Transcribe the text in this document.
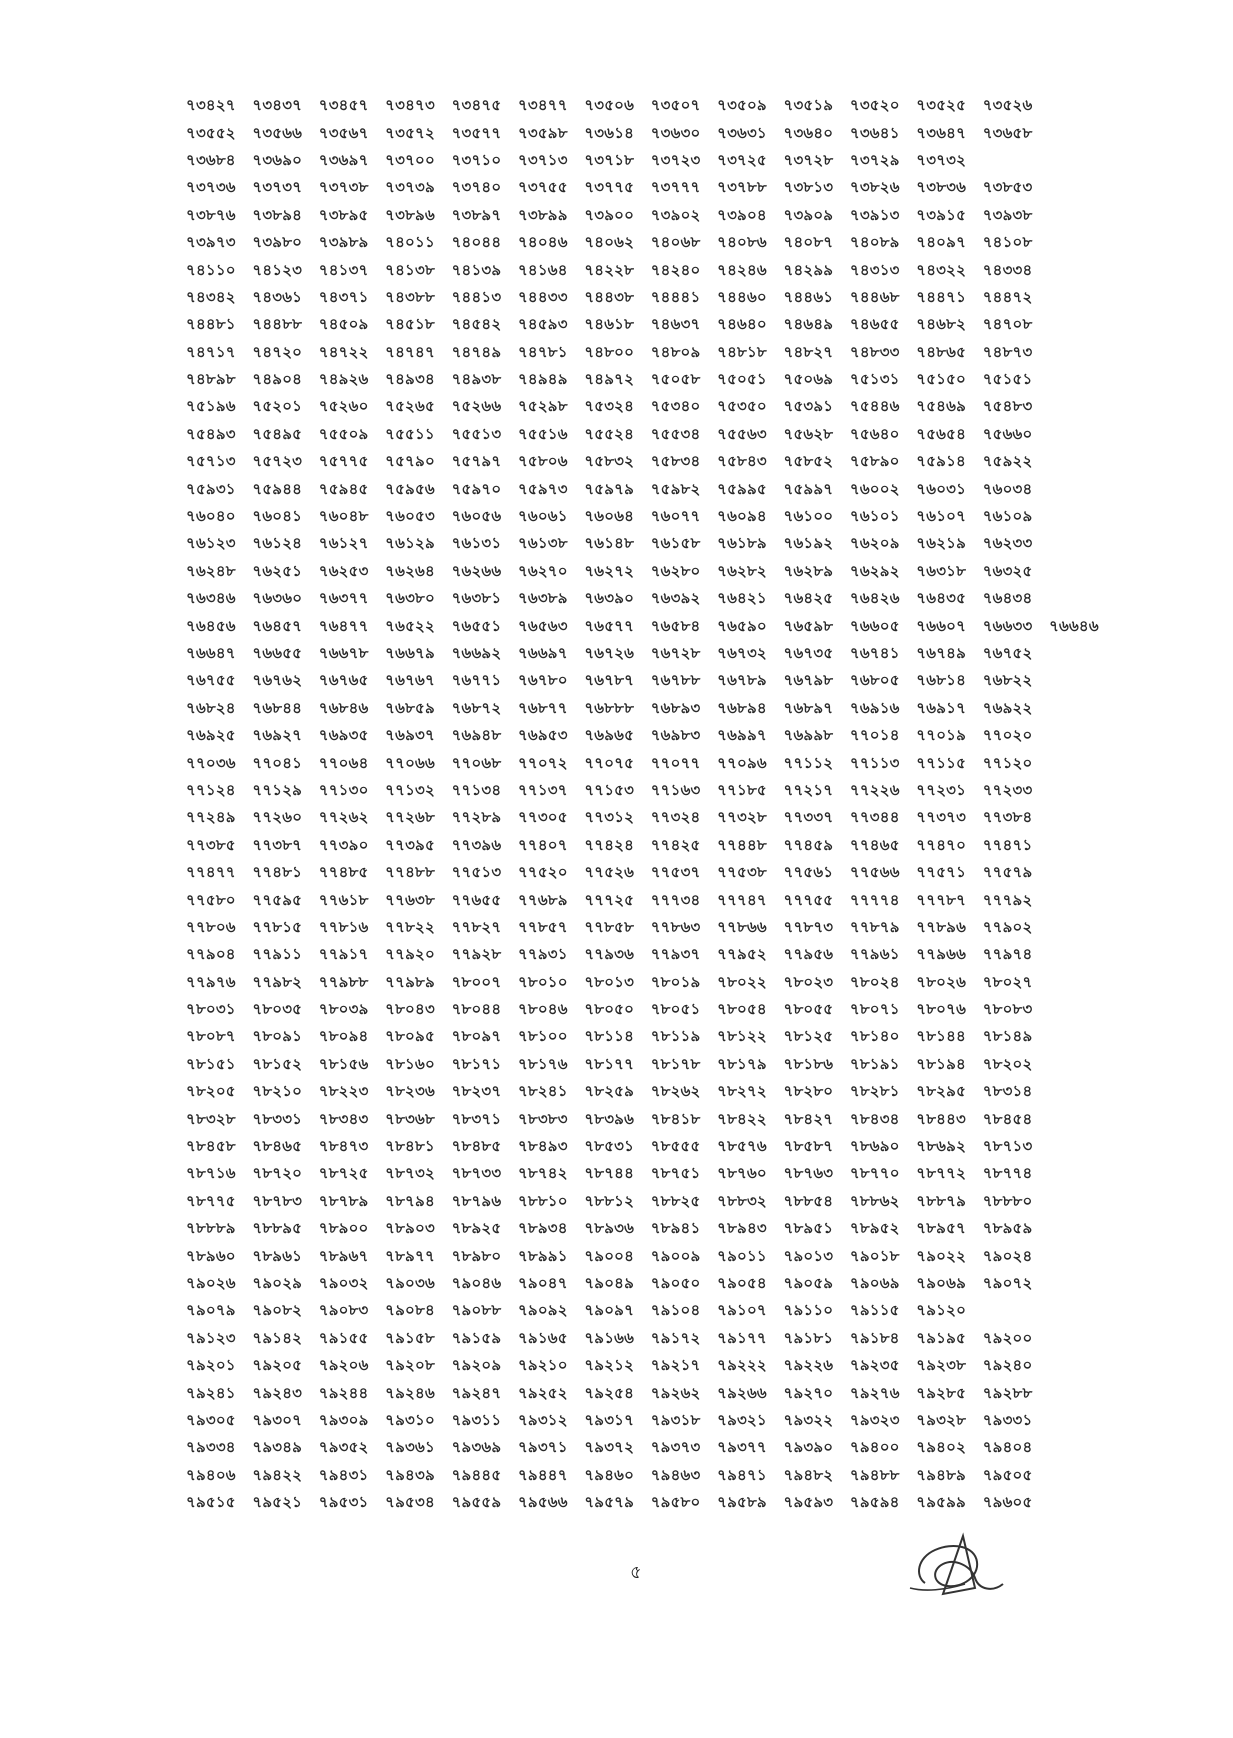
৭৩৪২৭	৭৩৪৩৭	৭৩৪৫৭	৭৩৪৭৩	৭৩৪৭৫	৭৩৪৭৭	৭৩৫০৬	৭৩৫০৭	৭৩৫০৯	৭৩৫১৯	৭৩৫২০	৭৩৫২৫	৭৩৫২৬
৭৩৫৫২	৭৩৫৬৬	৭৩৫৬৭	৭৩৫৭২	৭৩৫৭৭	৭৩৫৯৮	৭৩৬১৪	৭৩৬৩০	৭৩৬৩১	৭৩৬৪০	৭৩৬৪১	৭৩৬৪৭	৭৩৬৫৮
৭৩৬৮৪	৭৩৬৯০	৭৩৬৯৭	৭৩৭০০	৭৩৭১০	৭৩৭১৩	৭৩৭১৮	৭৩৭২৩	৭৩৭২৫	৭৩৭২৮	৭৩৭২৯	৭৩৭৩২
৭৩৭৩৬	৭৩৭৩৭	৭৩৭৩৮	৭৩৭৩৯	৭৩৭৪০	৭৩৭৫৫	৭৩৭৭৫	৭৩৭৭৭	৭৩৭৮৮	৭৩৮১৩	৭৩৮২৬	৭৩৮৩৬	৭৩৮৫৩
৭৩৮৭৬	৭৩৮৯৪	৭৩৮৯৫	৭৩৮৯৬	৭৩৮৯৭	৭৩৮৯৯	৭৩৯০০	৭৩৯০২	৭৩৯০৪	৭৩৯০৯	৭৩৯১৩	৭৩৯১৫	৭৩৯৩৮
৭৩৯৭৩	৭৩৯৮০	৭৩৯৮৯	৭৪০১১	৭৪০৪৪	৭৪০৪৬	৭৪০৬২	৭৪০৬৮	৭৪০৮৬	৭৪০৮৭	৭৪০৮৯	৭৪০৯৭	৭৪১০৮
৭৪১১০	৭৪১২৩	৭৪১৩৭	৭৪১৩৮	৭৪১৩৯	৭৪১৬৪	৭৪২২৮	৭৪২৪০	৭৪২৪৬	৭৪২৯৯	৭৪৩১৩	৭৪৩২২	৭৪৩৩৪
৭৪৩৪২	৭৪৩৬১	৭৪৩৭১	৭৪৩৮৮	৭৪৪১৩	৭৪৪৩৩	৭৪৪৩৮	৭৪৪৪১	৭৪৪৬০	৭৪৪৬১	৭৪৪৬৮	৭৪৪৭১	৭৪৪৭২
৭৪৪৮১	৭৪৪৮৮	৭৪৫০৯	৭৪৫১৮	৭৪৫৪২	৭৪৫৯৩	৭৪৬১৮	৭৪৬৩৭	৭৪৬৪০	৭৪৬৪৯	৭৪৬৫৫	৭৪৬৮২	৭৪৭০৮
৭৪৭১৭	৭৪৭২০	৭৪৭২২	৭৪৭৪৭	৭৪৭৪৯	৭৪৭৮১	৭৪৮০০	৭৪৮০৯	৭৪৮১৮	৭৪৮২৭	৭৪৮৩৩	৭৪৮৬৫	৭৪৮৭৩
৭৪৮৯৮	৭৪৯০৪	৭৪৯২৬	৭৪৯৩৪	৭৪৯৩৮	৭৪৯৪৯	৭৪৯৭২	৭৫০৫৮	৭৫০৫১	৭৫০৬৯	৭৫১৩১	৭৫১৫০	৭৫১৫১
৭৫১৯৬	৭৫২০১	৭৫২৬০	৭৫২৬৫	৭৫২৬৬	৭৫২৯৮	৭৫৩২৪	৭৫৩৪০	৭৫৩৫০	৭৫৩৯১	৭৫৪৪৬	৭৫৪৬৯	৭৫৪৮৩
৭৫৪৯৩	৭৫৪৯৫	৭৫৫০৯	৭৫৫১১	৭৫৫১৩	৭৫৫১৬	৭৫৫২৪	৭৫৫৩৪	৭৫৫৬৩	৭৫৬২৮	৭৫৬৪০	৭৫৬৫৪	৭৫৬৬০
৭৫৭১৩	৭৫৭২৩	৭৫৭৭৫	৭৫৭৯০	৭৫৭৯৭	৭৫৮০৬	৭৫৮৩২	৭৫৮৩৪	৭৫৮৪৩	৭৫৮৫২	৭৫৮৯০	৭৫৯১৪	৭৫৯২২
৭৫৯৩১	৭৫৯৪৪	৭৫৯৪৫	৭৫৯৫৬	৭৫৯৭০	৭৫৯৭৩	৭৫৯৭৯	৭৫৯৮২	৭৫৯৯৫	৭৫৯৯৭	৭৬০০২	৭৬০৩১	৭৬০৩৪
৭৬০৪০	৭৬০৪১	৭৬০৪৮	৭৬০৫৩	৭৬০৫৬	৭৬০৬১	৭৬০৬৪	৭৬০৭৭	৭৬০৯৪	৭৬১০০	৭৬১০১	৭৬১০৭	৭৬১০৯
৭৬১২৩	৭৬১২৪	৭৬১২৭	৭৬১২৯	৭৬১৩১	৭৬১৩৮	৭৬১৪৮	৭৬১৫৮	৭৬১৮৯	৭৬১৯২	৭৬২০৯	৭৬২১৯	৭৬২৩৩
৭৬২৪৮	৭৬২৫১	৭৬২৫৩	৭৬২৬৪	৭৬২৬৬	৭৬২৭০	৭৬২৭২	৭৬২৮০	৭৬২৮২	৭৬২৮৯	৭৬২৯২	৭৬৩১৮	৭৬৩২৫
৭৬৩৪৬	৭৬৩৬০	৭৬৩৭৭	৭৬৩৮০	৭৬৩৮১	৭৬৩৮৯	৭৬৩৯০	৭৬৩৯২	৭৬৪২১	৭৬৪২৫	৭৬৪২৬	৭৬৪৩৫	৭৬৪৩৪
৭৬৪৫৬	৭৬৪৫৭	৭৬৪৭৭	৭৬৫২২	৭৬৫৫১	৭৬৫৬৩	৭৬৫৭৭	৭৬৫৮৪	৭৬৫৯০	৭৬৫৯৮	৭৬৬০৫	৭৬৬০৭	৭৬৬৩৩	৭৬৬৪৬
৭৬৬৪৭	৭৬৬৫৫	৭৬৬৭৮	৭৬৬৭৯	৭৬৬৯২	৭৬৬৯৭	৭৬৭২৬	৭৬৭২৮	৭৬৭৩২	৭৬৭৩৫	৭৬৭৪১	৭৬৭৪৯	৭৬৭৫২
৭৬৭৫৫	৭৬৭৬২	৭৬৭৬৫	৭৬৭৬৭	৭৬৭৭১	৭৬৭৮০	৭৬৭৮৭	৭৬৭৮৮	৭৬৭৮৯	৭৬৭৯৮	৭৬৮০৫	৭৬৮১৪	৭৬৮২২
৭৬৮২৪	৭৬৮৪৪	৭৬৮৪৬	৭৬৮৫৯	৭৬৮৭২	৭৬৮৭৭	৭৬৮৮৮	৭৬৮৯৩	৭৬৮৯৪	৭৬৮৯৭	৭৬৯১৬	৭৬৯১৭	৭৬৯২২
৭৬৯২৫	৭৬৯২৭	৭৬৯৩৫	৭৬৯৩৭	৭৬৯৪৮	৭৬৯৫৩	৭৬৯৬৫	৭৬৯৮৩	৭৬৯৯৭	৭৬৯৯৮	৭৭০১৪	৭৭০১৯	৭৭০২০
৭৭০৩৬	৭৭০৪১	৭৭০৬৪	৭৭০৬৬	৭৭০৬৮	৭৭০৭২	৭৭০৭৫	৭৭০৭৭	৭৭০৯৬	৭৭১১২	৭৭১১৩	৭৭১১৫	৭৭১২০
৭৭১২৪	৭৭১২৯	৭৭১৩০	৭৭১৩২	৭৭১৩৪	৭৭১৩৭	৭৭১৫৩	৭৭১৬৩	৭৭১৮৫	৭৭২১৭	৭৭২২৬	৭৭২৩১	৭৭২৩৩
৭৭২৪৯	৭৭২৬০	৭৭২৬২	৭৭২৬৮	৭৭২৮৯	৭৭৩০৫	৭৭৩১২	৭৭৩২৪	৭৭৩২৮	৭৭৩৩৭	৭৭৩৪৪	৭৭৩৭৩	৭৭৩৮৪
৭৭৩৮৫	৭৭৩৮৭	৭৭৩৯০	৭৭৩৯৫	৭৭৩৯৬	৭৭৪০৭	৭৭৪২৪	৭৭৪২৫	৭৭৪৪৮	৭৭৪৫৯	৭৭৪৬৫	৭৭৪৭০	৭৭৪৭১
৭৭৪৭৭	৭৭৪৮১	৭৭৪৮৫	৭৭৪৮৮	৭৭৫১৩	৭৭৫২০	৭৭৫২৬	৭৭৫৩৭	৭৭৫৩৮	৭৭৫৬১	৭৭৫৬৬	৭৭৫৭১	৭৭৫৭৯
৭৭৫৮০	৭৭৫৯৫	৭৭৬১৮	৭৭৬৩৮	৭৭৬৫৫	৭৭৬৮৯	৭৭৭২৫	৭৭৭৩৪	৭৭৭৪৭	৭৭৭৫৫	৭৭৭৭৪	৭৭৭৮৭	৭৭৭৯২
৭৭৮০৬	৭৭৮১৫	৭৭৮১৬	৭৭৮২২	৭৭৮২৭	৭৭৮৫৭	৭৭৮৫৮	৭৭৮৬৩	৭৭৮৬৬	৭৭৮৭৩	৭৭৮৭৯	৭৭৮৯৬	৭৭৯০২
৭৭৯০৪	৭৭৯১১	৭৭৯১৭	৭৭৯২০	৭৭৯২৮	৭৭৯৩১	৭৭৯৩৬	৭৭৯৩৭	৭৭৯৫২	৭৭৯৫৬	৭৭৯৬১	৭৭৯৬৬	৭৭৯৭৪
৭৭৯৭৬	৭৭৯৮২	৭৭৯৮৮	৭৭৯৮৯	৭৮০০৭	৭৮০১০	৭৮০১৩	৭৮০১৯	৭৮০২২	৭৮০২৩	৭৮০২৪	৭৮০২৬	৭৮০২৭
৭৮০৩১	৭৮০৩৫	৭৮০৩৯	৭৮০৪৩	৭৮০৪৪	৭৮০৪৬	৭৮০৫০	৭৮০৫১	৭৮০৫৪	৭৮০৫৫	৭৮০৭১	৭৮০৭৬	৭৮০৮৩
৭৮০৮৭	৭৮০৯১	৭৮০৯৪	৭৮০৯৫	৭৮০৯৭	৭৮১০০	৭৮১১৪	৭৮১১৯	৭৮১২২	৭৮১২৫	৭৮১৪০	৭৮১৪৪	৭৮১৪৯
৭৮১৫১	৭৮১৫২	৭৮১৫৬	৭৮১৬০	৭৮১৭১	৭৮১৭৬	৭৮১৭৭	৭৮১৭৮	৭৮১৭৯	৭৮১৮৬	৭৮১৯১	৭৮১৯৪	৭৮২০২
৭৮২০৫	৭৮২১০	৭৮২২৩	৭৮২৩৬	৭৮২৩৭	৭৮২৪১	৭৮২৫৯	৭৮২৬২	৭৮২৭২	৭৮২৮০	৭৮২৮১	৭৮২৯৫	৭৮৩১৪
৭৮৩২৮	৭৮৩৩১	৭৮৩৪৩	৭৮৩৬৮	৭৮৩৭১	৭৮৩৮৩	৭৮৩৯৬	৭৮৪১৮	৭৮৪২২	৭৮৪২৭	৭৮৪৩৪	৭৮৪৪৩	৭৮৪৫৪
৭৮৪৫৮	৭৮৪৬৫	৭৮৪৭৩	৭৮৪৮১	৭৮৪৮৫	৭৮৪৯৩	৭৮৫৩১	৭৮৫৫৫	৭৮৫৭৬	৭৮৫৮৭	৭৮৬৯০	৭৮৬৯২	৭৮৭১৩
৭৮৭১৬	৭৮৭২০	৭৮৭২৫	৭৮৭৩২	৭৮৭৩৩	৭৮৭৪২	৭৮৭৪৪	৭৮৭৫১	৭৮৭৬০	৭৮৭৬৩	৭৮৭৭০	৭৮৭৭২	৭৮৭৭৪
৭৮৭৭৫	৭৮৭৮৩	৭৮৭৮৯	৭৮৭৯৪	৭৮৭৯৬	৭৮৮১০	৭৮৮১২	৭৮৮২৫	৭৮৮৩২	৭৮৮৫৪	৭৮৮৬২	৭৮৮৭৯	৭৮৮৮০
৭৮৮৮৯	৭৮৮৯৫	৭৮৯০০	৭৮৯০৩	৭৮৯২৫	৭৮৯৩৪	৭৮৯৩৬	৭৮৯৪১	৭৮৯৪৩	৭৮৯৫১	৭৮৯৫২	৭৮৯৫৭	৭৮৯৫৯
৭৮৯৬০	৭৮৯৬১	৭৮৯৬৭	৭৮৯৭৭	৭৮৯৮০	৭৮৯৯১	৭৯০০৪	৭৯০০৯	৭৯০১১	৭৯০১৩	৭৯০১৮	৭৯০২২	৭৯০২৪
৭৯০২৬	৭৯০২৯	৭৯০৩২	৭৯০৩৬	৭৯০৪৬	৭৯০৪৭	৭৯০৪৯	৭৯০৫০	৭৯০৫৪	৭৯০৫৯	৭৯০৬৯	৭৯০৬৯	৭৯০৭২
৭৯০৭৯	৭৯০৮২	৭৯০৮৩	৭৯০৮৪	৭৯০৮৮	৭৯০৯২	৭৯০৯৭	৭৯১০৪	৭৯১০৭	৭৯১১০	৭৯১১৫	৭৯১২০
৭৯১২৩	৭৯১৪২	৭৯১৫৫	৭৯১৫৮	৭৯১৫৯	৭৯১৬৫	৭৯১৬৬	৭৯১৭২	৭৯১৭৭	৭৯১৮১	৭৯১৮৪	৭৯১৯৫	৭৯২০০
৭৯২০১	৭৯২০৫	৭৯২০৬	৭৯২০৮	৭৯২০৯	৭৯২১০	৭৯২১২	৭৯২১৭	৭৯২২২	৭৯২২৬	৭৯২৩৫	৭৯২৩৮	৭৯২৪০
৭৯২৪১	৭৯২৪৩	৭৯২৪৪	৭৯২৪৬	৭৯২৪৭	৭৯২৫২	৭৯২৫৪	৭৯২৬২	৭৯২৬৬	৭৯২৭০	৭৯২৭৬	৭৯২৮৫	৭৯২৮৮
৭৯৩০৫	৭৯৩০৭	৭৯৩০৯	৭৯৩১০	৭৯৩১১	৭৯৩১২	৭৯৩১৭	৭৯৩১৮	৭৯৩২১	৭৯৩২২	৭৯৩২৩	৭৯৩২৮	৭৯৩৩১
৭৯৩৩৪	৭৯৩৪৯	৭৯৩৫২	৭৯৩৬১	৭৯৩৬৯	৭৯৩৭১	৭৯৩৭২	৭৯৩৭৩	৭৯৩৭৭	৭৯৩৯০	৭৯৪০০	৭৯৪০২	৭৯৪০৪
৭৯৪০৬	৭৯৪২২	৭৯৪৩১	৭৯৪৩৯	৭৯৪৪৫	৭৯৪৪৭	৭৯৪৬০	৭৯৪৬৩	৭৯৪৭১	৭৯৪৮২	৭৯৪৮৮	৭৯৪৮৯	৭৯৫০৫
৭৯৫১৫	৭৯৫২১	৭৯৫৩১	৭৯৫৩৪	৭৯৫৫৯	৭৯৫৬৬	৭৯৫৭৯	৭৯৫৮০	৭৯৫৮৯	৭৯৫৯৩	৭৯৫৯৪	৭৯৫৯৯	৭৯৬০৫
৫
